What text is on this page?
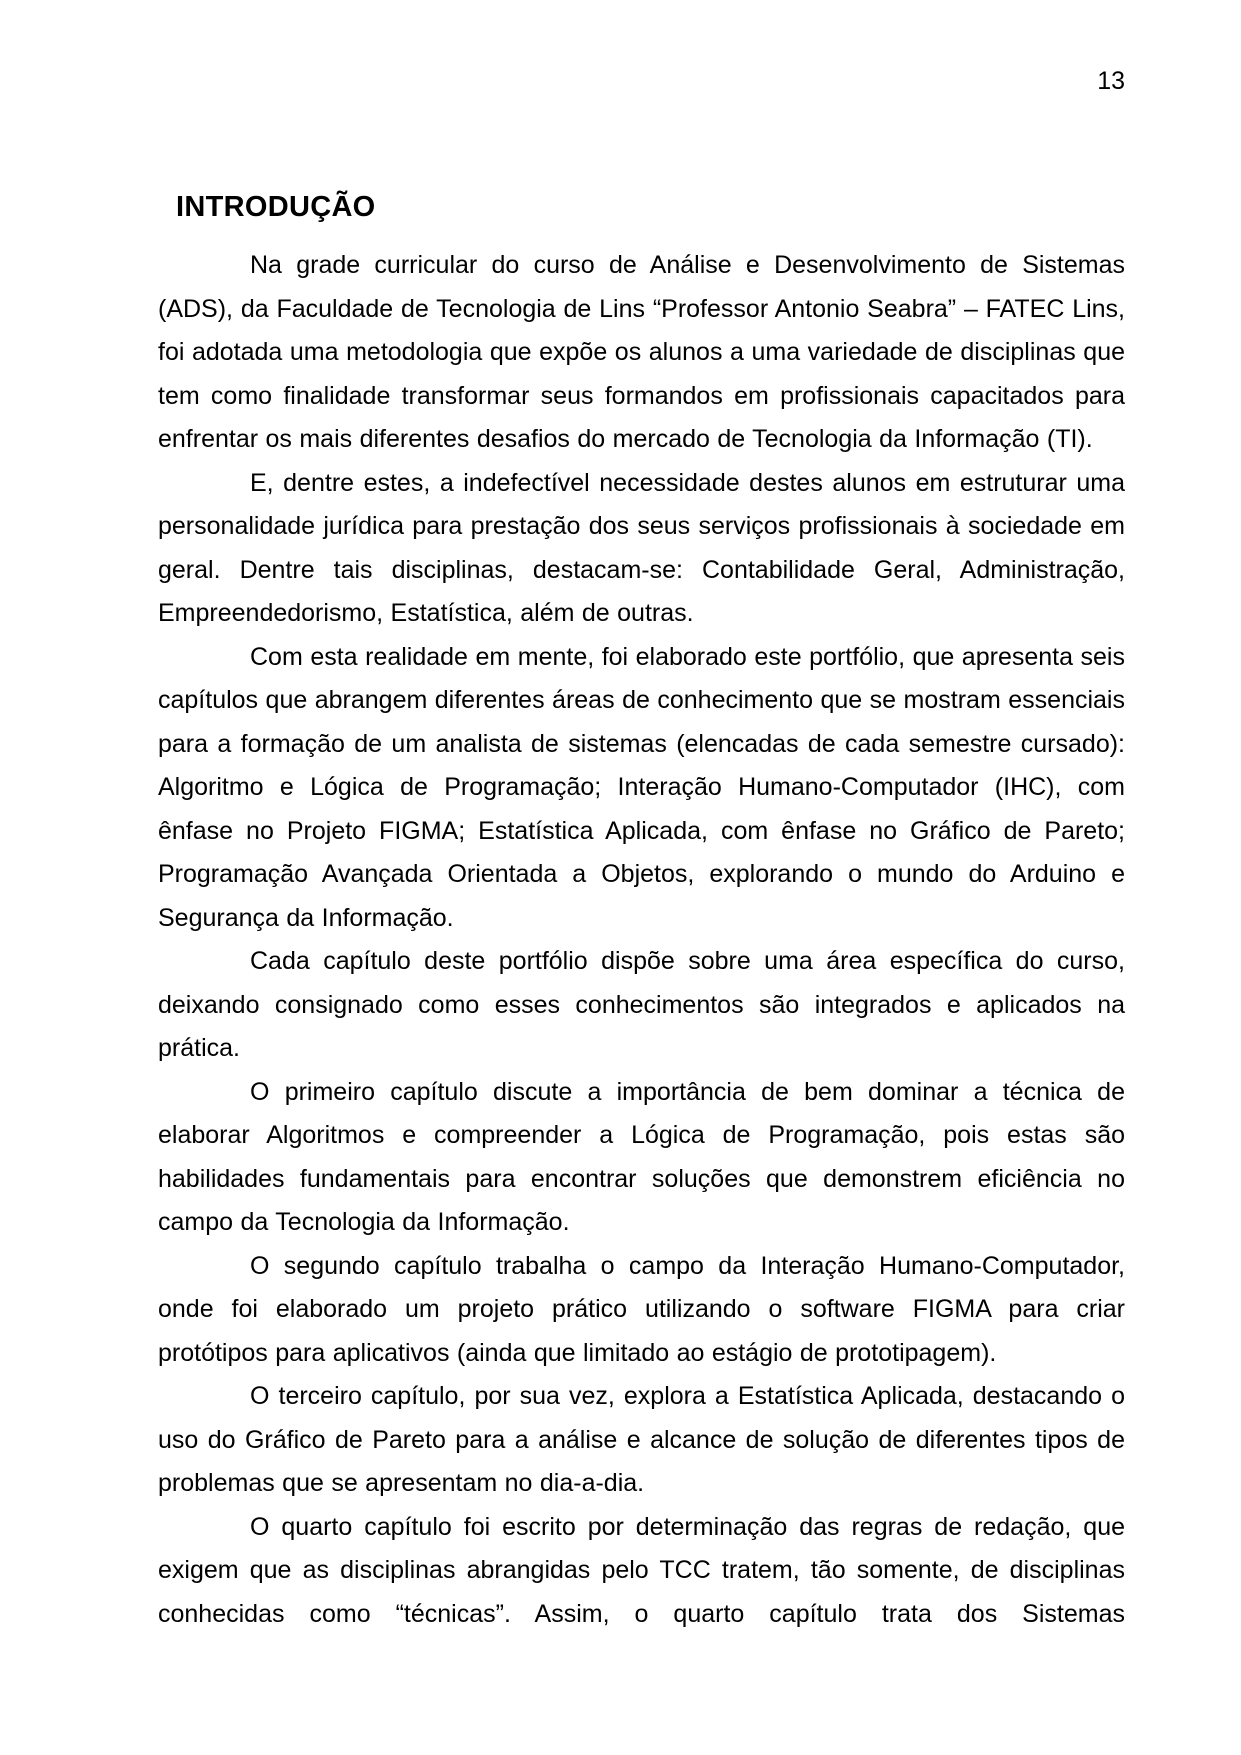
13
INTRODUÇÃO

Na grade curricular do curso de Análise e Desenvolvimento de Sistemas (ADS), da Faculdade de Tecnologia de Lins “Professor Antonio Seabra” – FATEC Lins, foi adotada uma metodologia que expõe os alunos a uma variedade de disciplinas que tem como finalidade transformar seus formandos em profissionais capacitados para enfrentar os mais diferentes desafios do mercado de Tecnologia da Informação (TI).

E, dentre estes, a indefectível necessidade destes alunos em estruturar uma personalidade jurídica para prestação dos seus serviços profissionais à sociedade em geral. Dentre tais disciplinas, destacam-se: Contabilidade Geral, Administração, Empreendedorismo, Estatística, além de outras.

Com esta realidade em mente, foi elaborado este portfólio, que apresenta seis capítulos que abrangem diferentes áreas de conhecimento que se mostram essenciais para a formação de um analista de sistemas (elencadas de cada semestre cursado): Algoritmo e Lógica de Programação; Interação Humano-Computador (IHC), com ênfase no Projeto FIGMA; Estatística Aplicada, com ênfase no Gráfico de Pareto; Programação Avançada Orientada a Objetos, explorando o mundo do Arduino e Segurança da Informação.

Cada capítulo deste portfólio dispõe sobre uma área específica do curso, deixando consignado como esses conhecimentos são integrados e aplicados na prática.

O primeiro capítulo discute a importância de bem dominar a técnica de elaborar Algoritmos e compreender a Lógica de Programação, pois estas são habilidades fundamentais para encontrar soluções que demonstrem eficiência no campo da Tecnologia da Informação.

O segundo capítulo trabalha o campo da Interação Humano-Computador, onde foi elaborado um projeto prático utilizando o software FIGMA para criar protótipos para aplicativos (ainda que limitado ao estágio de prototipagem).

O terceiro capítulo, por sua vez, explora a Estatística Aplicada, destacando o uso do Gráfico de Pareto para a análise e alcance de solução de diferentes tipos de problemas que se apresentam no dia-a-dia.

O quarto capítulo foi escrito por determinação das regras de redação, que exigem que as disciplinas abrangidas pelo TCC tratem, tão somente, de disciplinas conhecidas como “técnicas”. Assim, o quarto capítulo trata dos Sistemas
